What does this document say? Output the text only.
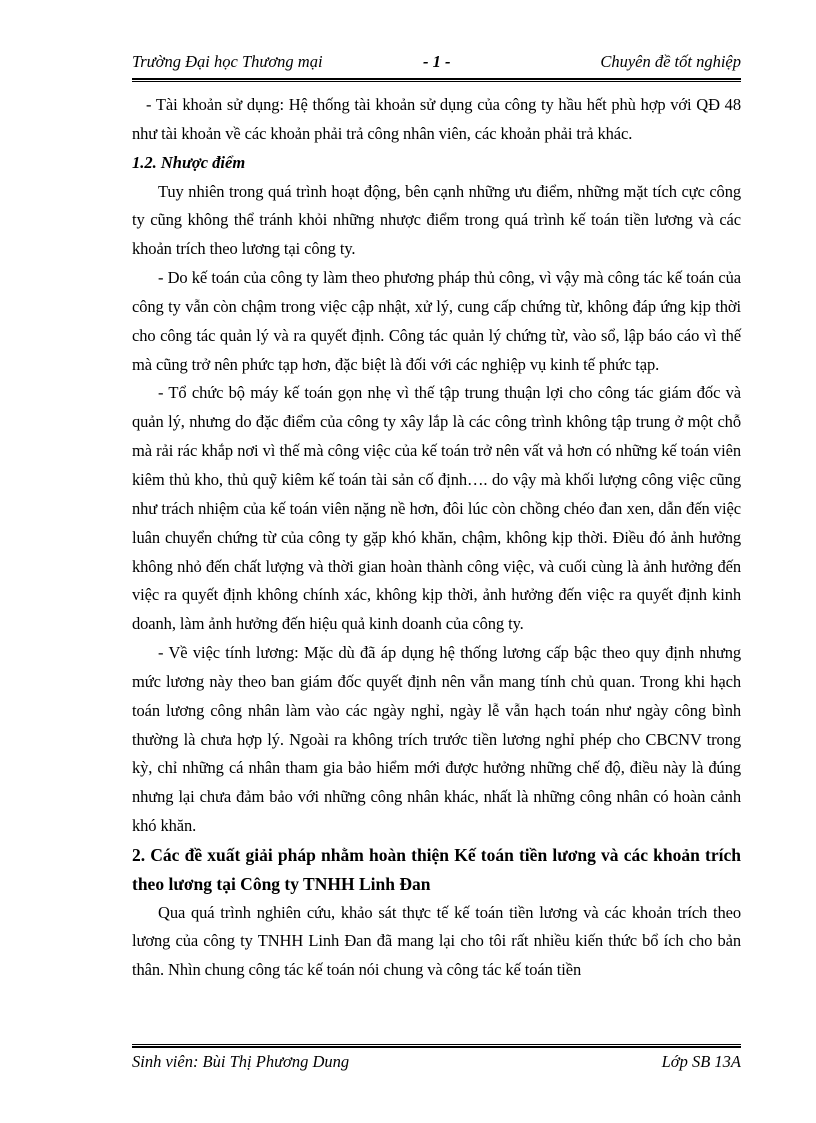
Trường Đại học Thương mại	- 1 -	Chuyên đề tốt nghiệp

- Tài khoản sử dụng: Hệ thống tài khoản sử dụng của công ty hầu hết phù hợp với QĐ 48 như tài khoản về các khoản phải trả công nhân viên, các khoản phải trả khác.

1.2. Nhược điểm

Tuy nhiên trong quá trình hoạt động, bên cạnh những ưu điểm, những mặt tích cực công ty cũng không thể tránh khỏi những nhược điểm trong quá trình kế toán tiền lương và các khoản trích theo lương tại công ty.

- Do kế toán của công ty làm theo phương pháp thủ công, vì vậy mà công tác kế toán của công ty vẫn còn chậm trong việc cập nhật, xử lý, cung cấp chứng từ, không đáp ứng kịp thời cho công tác quản lý và ra quyết định. Công tác quản lý chứng từ, vào sổ, lập báo cáo vì thế mà cũng trở nên phức tạp hơn, đặc biệt là đối với các nghiệp vụ kinh tế phức tạp.

- Tổ chức bộ máy kế toán gọn nhẹ vì thế tập trung thuận lợi cho công tác giám đốc và quản lý, nhưng do đặc điểm của công ty xây lắp là các công trình không tập trung ở một chỗ mà rải rác khắp nơi vì thế mà công việc của kế toán trở nên vất vả hơn có những kế toán viên kiêm thủ kho, thủ quỹ kiêm kế toán tài sản cố định…. do vậy mà khối lượng công việc cũng như trách nhiệm của kế toán viên nặng nề hơn, đôi lúc còn chồng chéo đan xen, dẫn đến việc luân chuyển chứng từ của công ty gặp khó khăn, chậm, không kịp thời. Điều đó ảnh hưởng không nhỏ đến chất lượng và thời gian hoàn thành công việc, và cuối cùng là ảnh hưởng đến việc ra quyết định không chính xác, không kịp thời, ảnh hưởng đến việc ra quyết định kinh doanh, làm ảnh hưởng đến hiệu quả kinh doanh của công ty.

- Về việc tính lương: Mặc dù đã áp dụng hệ thống lương cấp bậc theo quy định nhưng mức lương này theo ban giám đốc quyết định nên vẫn mang tính chủ quan. Trong khi hạch toán lương công nhân làm vào các ngày nghỉ, ngày lễ vẫn hạch toán như ngày công bình thường là chưa hợp lý. Ngoài ra không trích trước tiền lương nghỉ phép cho CBCNV trong kỳ, chỉ những cá nhân tham gia bảo hiểm mới được hưởng những chế độ, điều này là đúng nhưng lại chưa đảm bảo với những công nhân khác, nhất là những công nhân có hoàn cảnh khó khăn.

2. Các đề xuất giải pháp nhằm hoàn thiện Kế toán tiền lương và các khoản trích theo lương tại Công ty TNHH Linh Đan

Qua quá trình nghiên cứu, khảo sát thực tế kế toán tiền lương và các khoản trích theo lương của công ty TNHH Linh Đan đã mang lại cho tôi rất nhiều kiến thức bổ ích cho bản thân. Nhìn chung công tác kế toán nói chung và công tác kế toán tiền

Sinh viên: Bùi Thị Phương Dung	Lớp SB 13A
